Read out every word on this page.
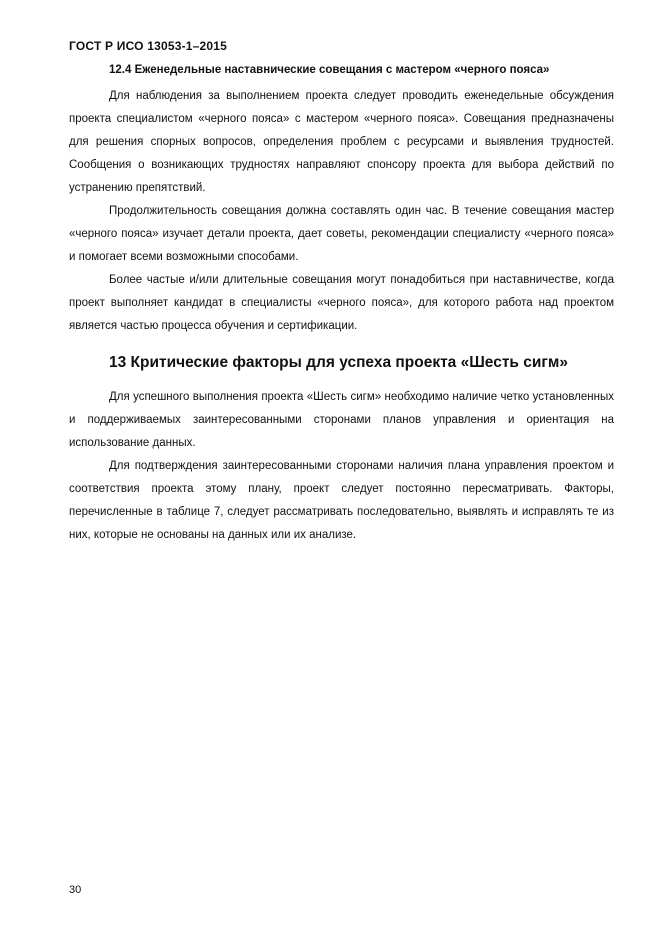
ГОСТ Р ИСО 13053-1–2015
12.4 Еженедельные наставнические совещания с мастером «черного пояса»

Для наблюдения за выполнением проекта следует проводить еженедельные обсуждения проекта специалистом «черного пояса» с мастером «черного пояса». Совещания предназначены для решения спорных вопросов, определения проблем с ресурсами и выявления трудностей. Сообщения о возникающих трудностях направляют спонсору проекта для выбора действий по устранению препятствий.

Продолжительность совещания должна составлять один час. В течение совещания мастер «черного пояса» изучает детали проекта, дает советы, рекомендации специалисту «черного пояса» и помогает всеми возможными способами.

Более частые и/или длительные совещания могут понадобиться при наставничестве, когда проект выполняет кандидат в специалисты «черного пояса», для которого работа над проектом является частью процесса обучения и сертификации.

13 Критические факторы для успеха проекта «Шесть сигм»

Для успешного выполнения проекта «Шесть сигм» необходимо наличие четко установленных и поддерживаемых заинтересованными сторонами планов управления и ориентация на использование данных.

Для подтверждения заинтересованными сторонами наличия плана управления проектом и соответствия проекта этому плану, проект следует постоянно пересматривать. Факторы, перечисленные в таблице 7, следует рассматривать последовательно, выявлять и исправлять те из них, которые не основаны на данных или их анализе.

30
